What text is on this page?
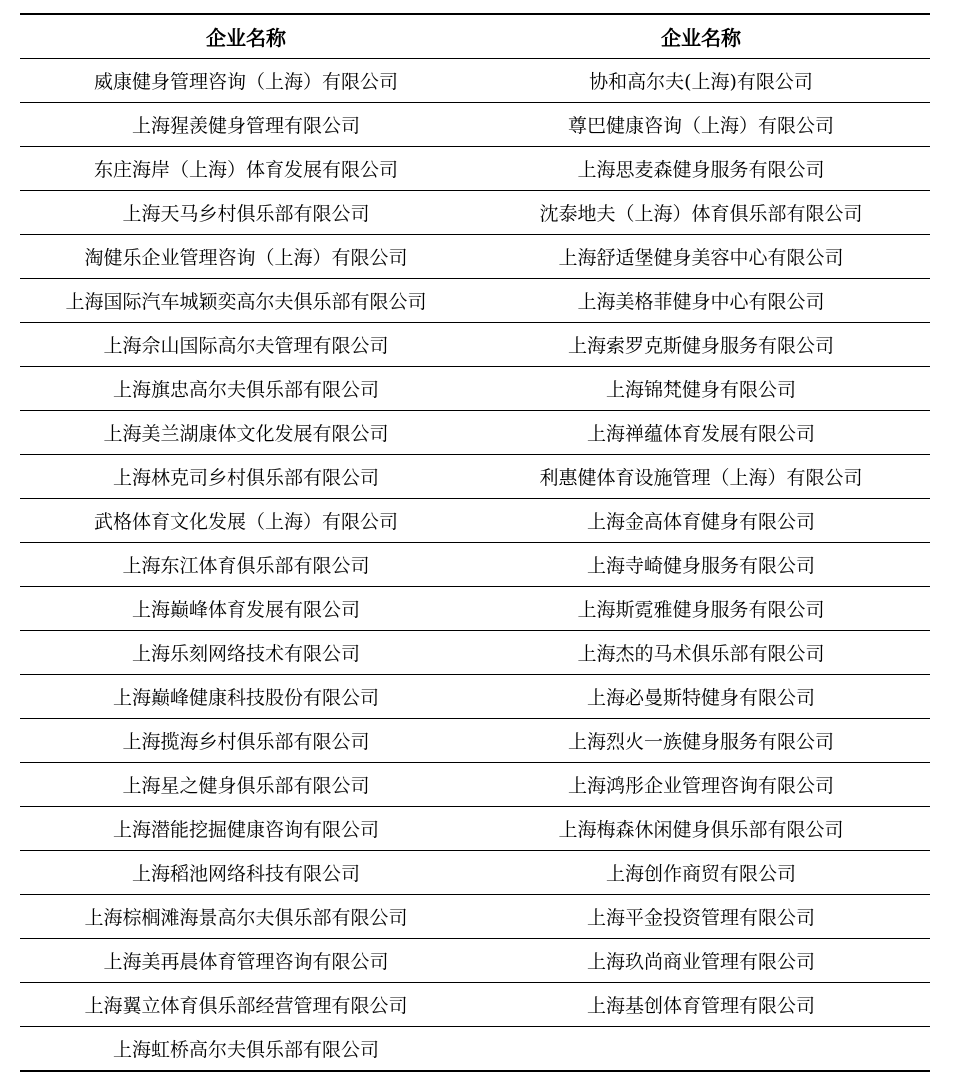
企业名称	企业名称
威康健身管理咨询（上海）有限公司	协和高尔夫(上海)有限公司
上海猩羡健身管理有限公司	尊巴健康咨询（上海）有限公司
东庄海岸（上海）体育发展有限公司	上海思麦森健身服务有限公司
上海天马乡村俱乐部有限公司	沈泰地夫（上海）体育俱乐部有限公司
淘健乐企业管理咨询（上海）有限公司	上海舒适堡健身美容中心有限公司
上海国际汽车城颖奕高尔夫俱乐部有限公司	上海美格菲健身中心有限公司
上海佘山国际高尔夫管理有限公司	上海索罗克斯健身服务有限公司
上海旗忠高尔夫俱乐部有限公司	上海锦梵健身有限公司
上海美兰湖康体文化发展有限公司	上海禅蕴体育发展有限公司
上海林克司乡村俱乐部有限公司	利惠健体育设施管理（上海）有限公司
武格体育文化发展（上海）有限公司	上海金高体育健身有限公司
上海东江体育俱乐部有限公司	上海寺崎健身服务有限公司
上海巅峰体育发展有限公司	上海斯霓雅健身服务有限公司
上海乐刻网络技术有限公司	上海杰的马术俱乐部有限公司
上海巅峰健康科技股份有限公司	上海必曼斯特健身有限公司
上海揽海乡村俱乐部有限公司	上海烈火一族健身服务有限公司
上海星之健身俱乐部有限公司	上海鸿彤企业管理咨询有限公司
上海潜能挖掘健康咨询有限公司	上海梅森休闲健身俱乐部有限公司
上海稻池网络科技有限公司	上海创作商贸有限公司
上海棕榈滩海景高尔夫俱乐部有限公司	上海平金投资管理有限公司
上海美再晨体育管理咨询有限公司	上海玖尚商业管理有限公司
上海翼立体育俱乐部经营管理有限公司	上海基创体育管理有限公司
上海虹桥高尔夫俱乐部有限公司	
